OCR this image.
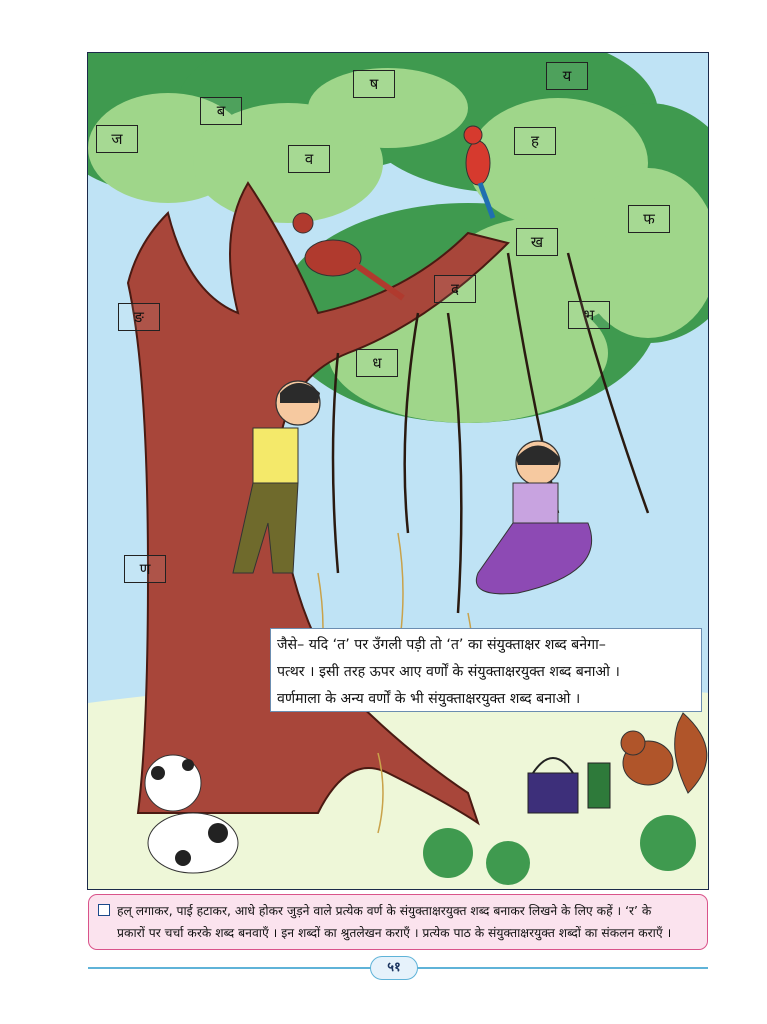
ज
ब
व
ष	य
ह
फ
ख
द
भ
ङ
ध
ण
जैसे– यदि ‘त’ पर उँगली पड़ी तो ‘त’ का संयुक्ताक्षर शब्द बनेगा–
पत्थर । इसी तरह ऊपर आए वर्णों के संयुक्ताक्षरयुक्त शब्द बनाओ ।
वर्णमाला के अन्य वर्णों के भी संयुक्ताक्षरयुक्त शब्द बनाओ ।
हल् लगाकर, पाई हटाकर, आधे होकर जुड़ने वाले प्रत्येक वर्ण के संयुक्ताक्षरयुक्त शब्द बनाकर लिखने के लिए कहें । ‘र’ के
प्रकारों पर चर्चा करके शब्द बनवाएँ । इन शब्दों का श्रुतलेखन कराएँ । प्रत्येक पाठ के संयुक्ताक्षरयुक्त शब्दों का संकलन कराएँ ।
५१
